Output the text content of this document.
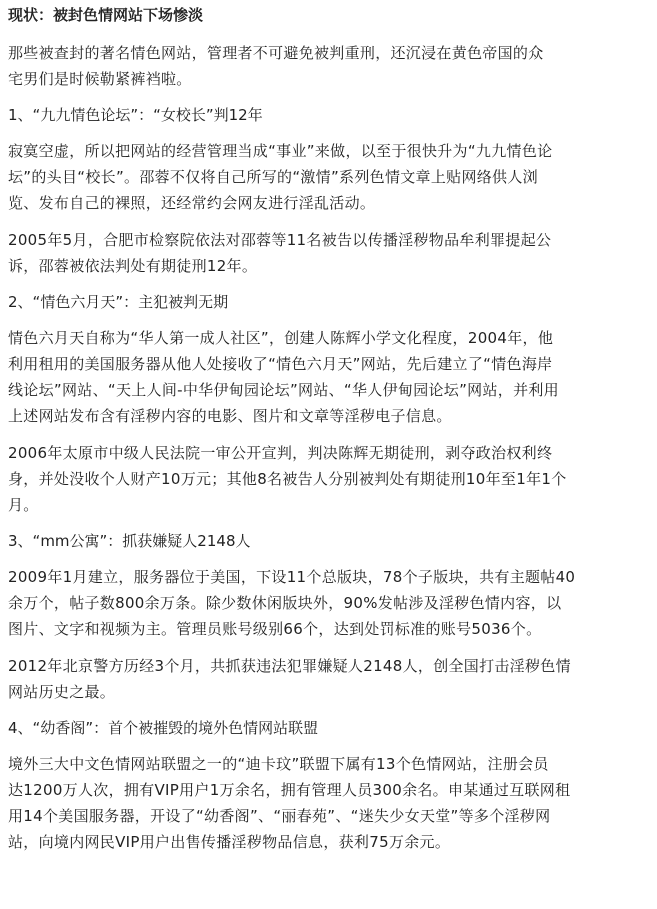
现状：被封色情网站下场惨淡
那些被查封的著名情色网站，管理者不可避免被判重刑，还沉浸在黄色帝国的众
宅男们是时候勒紧裤裆啦。
1、“九九情色论坛”：“女校长”判12年
寂寞空虚，所以把网站的经营管理当成“事业”来做，以至于很快升为“九九情色论
坛”的头目“校长”。邵蓉不仅将自己所写的“激情”系列色情文章上贴网络供人浏
览、发布自己的裸照，还经常约会网友进行淫乱活动。
2005年5月，合肥市检察院依法对邵蓉等11名被告以传播淫秽物品牟利罪提起公
诉，邵蓉被依法判处有期徒刑12年。
2、“情色六月天”：主犯被判无期
情色六月天自称为“华人第一成人社区”，创建人陈辉小学文化程度，2004年，他
利用租用的美国服务器从他人处接收了“情色六月天”网站，先后建立了“情色海岸
线论坛”网站、“天上人间-中华伊甸园论坛”网站、“华人伊甸园论坛”网站，并利用
上述网站发布含有淫秽内容的电影、图片和文章等淫秽电子信息。
2006年太原市中级人民法院一审公开宣判，判决陈辉无期徒刑，剥夺政治权利终
身，并处没收个人财产10万元；其他8名被告人分别被判处有期徒刑10年至1年1个
月。
3、“mm公寓”：抓获嫌疑人2148人
2009年1月建立，服务器位于美国，下设11个总版块，78个子版块，共有主题帖40
余万个，帖子数800余万条。除少数休闲版块外，90%发帖涉及淫秽色情内容，以
图片、文字和视频为主。管理员账号级别66个，达到处罚标准的账号5036个。
2012年北京警方历经3个月，共抓获违法犯罪嫌疑人2148人，创全国打击淫秽色情
网站历史之最。
4、“幼香阁”：首个被摧毁的境外色情网站联盟
境外三大中文色情网站联盟之一的“迪卡玟”联盟下属有13个色情网站，注册会员
达1200万人次，拥有VIP用户1万余名，拥有管理人员300余名。申某通过互联网租
用14个美国服务器，开设了“幼香阁”、“丽春苑”、“迷失少女天堂”等多个淫秽网
站，向境内网民VIP用户出售传播淫秽物品信息，获利75万余元。
